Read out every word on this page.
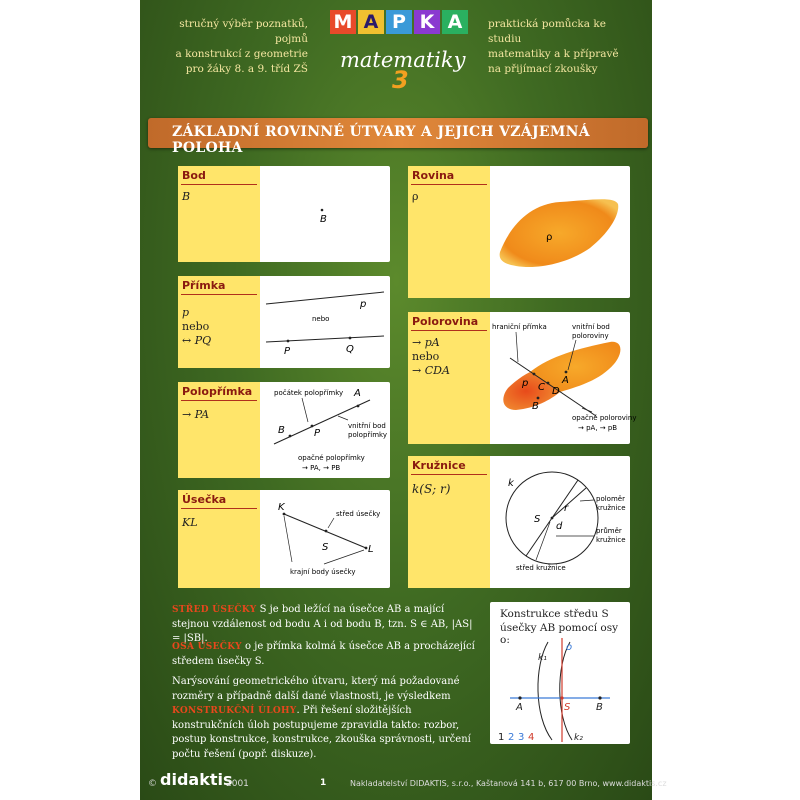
stručný výběr poznatků, pojmů
a konstrukcí z geometrie
pro žáky 8. a 9. tříd ZŠ
praktická pomůcka ke studiu
matematiky a k přípravě
na přijímací zkoušky
M A P K A
matematiky
3
ZÁKLADNÍ ROVINNÉ ÚTVARY A JEJICH VZÁJEMNÁ POLOHA
Bod
B
B
Přímka
p
nebo
↔ PQ
p
nebo
P	Q
Polopřímka
→ PA
počátek polopřímky A
B	P
vnitřní bod
polopřímky
opačné polopřímky
→ PA, → PB
Úsečka
KL
K
L
S
střed úsečky
krajní body úsečky
Rovina
ρ
ρ
Polorovina
→ pA
nebo
→ CDA
hraniční přímka	vnitřní bod
poloroviny
A
p C D
B
opačné poloroviny
→ pA, → pB
Kružnice
k(S; r)	k
S
r
d
poloměr
kružnice
průměr
kružnice
střed kružnice
STŘED ÚSEČKY S je bod ležící na úsečce AB a mající stejnou vzdálenost od bodu A i od bodu B, tzn. S ∈ AB, |AS| = |SB|.
OSA ÚSEČKY o je přímka kolmá k úsečce AB a procházející středem úsečky S.
Narýsování geometrického útvaru, který má požadované rozměry a případně další dané vlastnosti, je výsledkem KONSTRUKČNÍ ÚLOHY. Při řešení složitějších konstrukčních úloh postupujeme zpravidla takto: rozbor, postup konstrukce, konstrukce, zkouška správnosti, určení počtu řešení (popř. diskuze).
Konstrukce středu S
úsečky AB pomocí osy o:
o
k₁
k₂
A	B
S
1 2 3 4
© didaktis
2001	1	Nakladatelství DIDAKTIS, s.r.o., Kaštanová 141 b, 617 00 Brno, www.didaktis.cz
